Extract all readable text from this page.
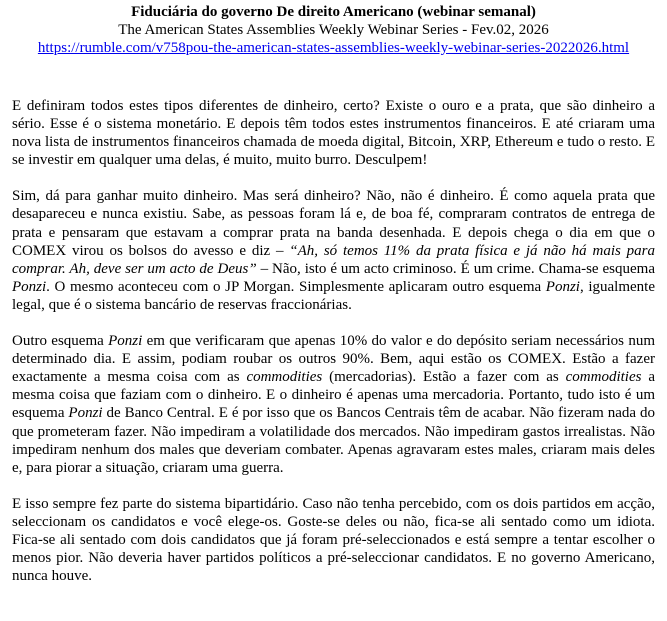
Fiduciária do governo De direito Americano (webinar semanal)
The American States Assemblies Weekly Webinar Series - Fev.02, 2026
https://rumble.com/v758pou-the-american-states-assemblies-weekly-webinar-series-2022026.html

E definiram todos estes tipos diferentes de dinheiro, certo? Existe o ouro e a prata, que são dinheiro a sério. Esse é o sistema monetário. E depois têm todos estes instrumentos financeiros. E até criaram uma nova lista de instrumentos financeiros chamada de moeda digital, Bitcoin, XRP, Ethereum e tudo o resto. E se investir em qualquer uma delas, é muito, muito burro. Desculpem!

Sim, dá para ganhar muito dinheiro. Mas será dinheiro? Não, não é dinheiro. É como aquela prata que desapareceu e nunca existiu. Sabe, as pessoas foram lá e, de boa fé, compraram contratos de entrega de prata e pensaram que estavam a comprar prata na banda desenhada. E depois chega o dia em que o COMEX virou os bolsos do avesso e diz – “Ah, só temos 11% da prata física e já não há mais para comprar. Ah, deve ser um acto de Deus” – Não, isto é um acto criminoso. É um crime. Chama-se esquema Ponzi. O mesmo aconteceu com o JP Morgan. Simplesmente aplicaram outro esquema Ponzi, igualmente legal, que é o sistema bancário de reservas fraccionárias.

Outro esquema Ponzi em que verificaram que apenas 10% do valor e do depósito seriam necessários num determinado dia. E assim, podiam roubar os outros 90%. Bem, aqui estão os COMEX. Estão a fazer exactamente a mesma coisa com as commodities (mercadorias). Estão a fazer com as commodities a mesma coisa que faziam com o dinheiro. E o dinheiro é apenas uma mercadoria. Portanto, tudo isto é um esquema Ponzi de Banco Central. E é por isso que os Bancos Centrais têm de acabar. Não fizeram nada do que prometeram fazer. Não impediram a volatilidade dos mercados. Não impediram gastos irrealistas. Não impediram nenhum dos males que deveriam combater. Apenas agravaram estes males, criaram mais deles e, para piorar a situação, criaram uma guerra.

E isso sempre fez parte do sistema bipartidário. Caso não tenha percebido, com os dois partidos em acção, seleccionam os candidatos e você elege-os. Goste-se deles ou não, fica-se ali sentado como um idiota. Fica-se ali sentado com dois candidatos que já foram pré-seleccionados e está sempre a tentar escolher o menos pior. Não deveria haver partidos políticos a pré-seleccionar candidatos. E no governo Americano, nunca houve.
